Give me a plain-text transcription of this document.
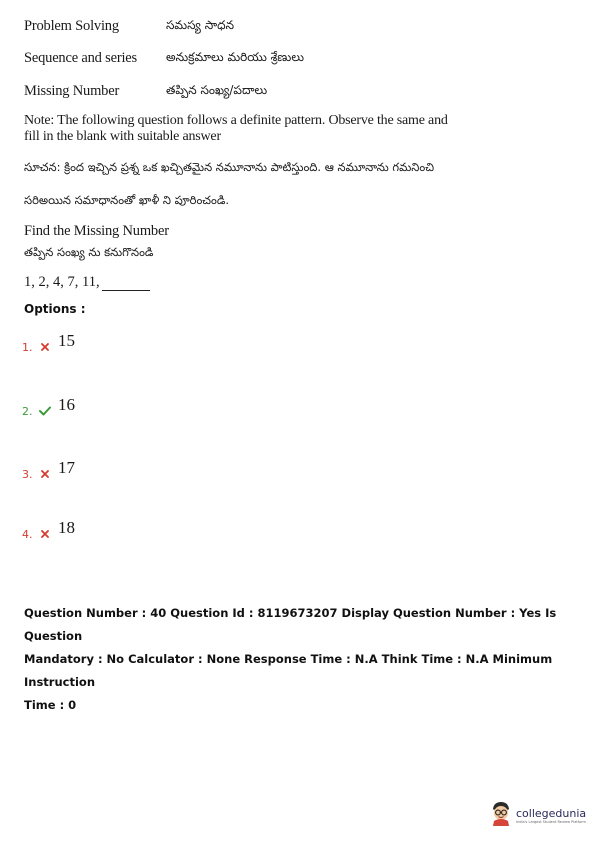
Problem Solving	సమస్య సాధన
Sequence and series	అనుక్రమాలు మరియు శ్రేణులు
Missing Number	తప్పిన సంఖ్య/పదాలు
Note: The following question follows a definite pattern. Observe the same and fill in the blank with suitable answer
సూచన: క్రింద ఇచ్చిన ప్రశ్న ఒక ఖచ్చితమైన నమూనాను పాటిస్తుంది. ఆ నమూనాను గమనించి
సరిఅయిన సమాధానంతో ఖాళీ ని పూరించండి.
Find the Missing Number
తప్పిన సంఖ్య ను కనుగొనండి
1, 2, 4, 7, 11,
Options :
1.	15
2.	16
3.	17
4.	18
Question Number : 40 Question Id : 8119673207 Display Question Number : Yes Is Question
Mandatory : No Calculator : None Response Time : N.A Think Time : N.A Minimum Instruction
Time : 0
collegedunia
India's Largest Student Review Platform
